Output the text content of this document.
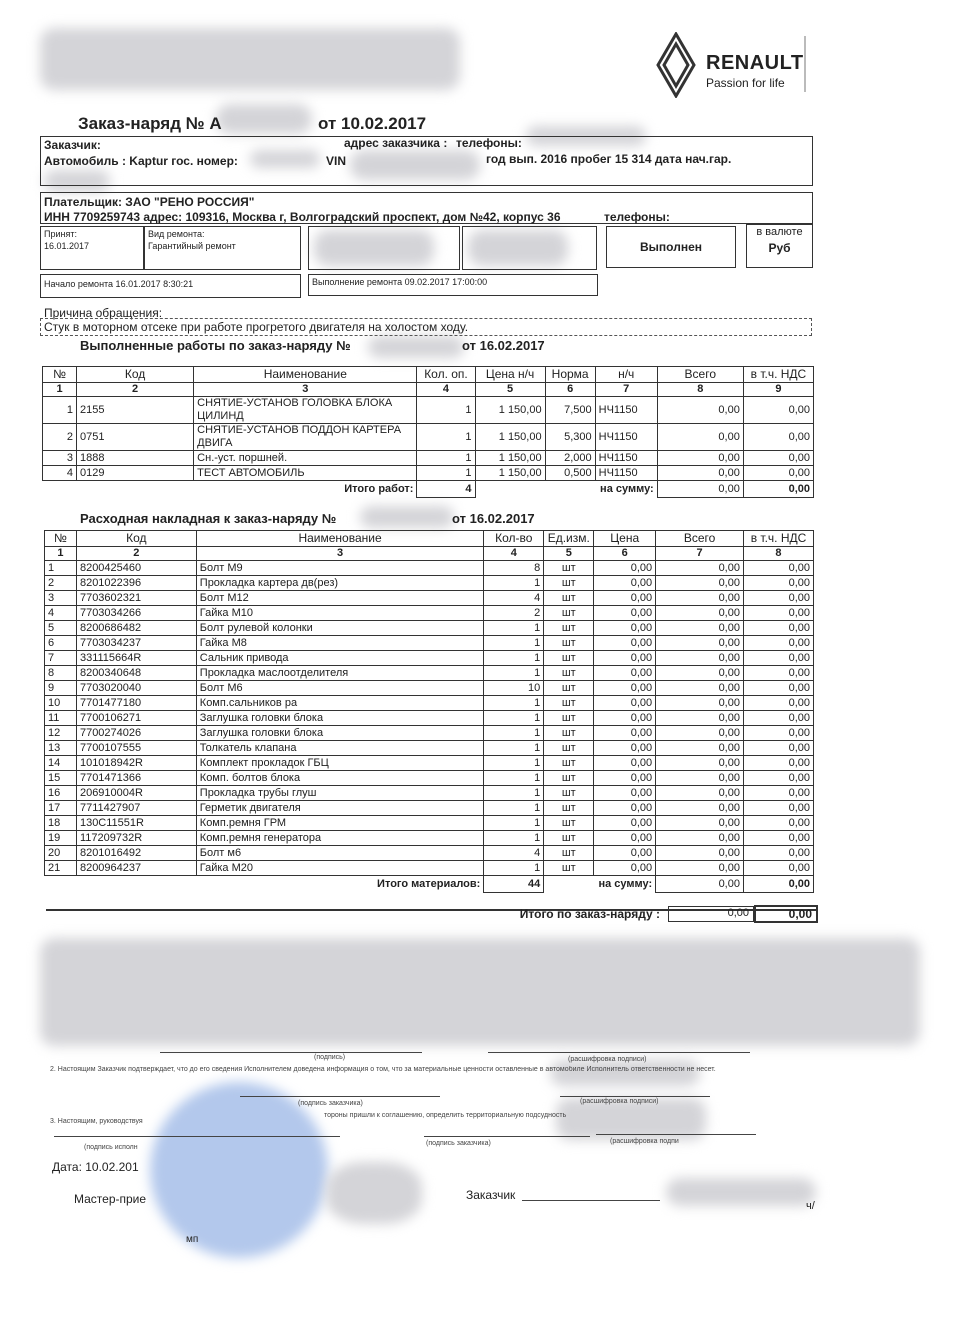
RENAULT
Passion for life
Заказ-наряд № А	от 10.02.2017
Заказчик:	адрес заказчика : телефоны:
Автомобиль : Kaptur гос. номер:	VIN	год вып. 2016 пробег 15 314 дата нач.гар.
Плательщик: ЗАО "РЕНО РОССИЯ"
ИНН 7709259743 адрес: 109316, Москва г, Волгоградский проспект, дом №42, корпус 36	телефоны:
Принят:
16.01.2017
Вид ремонта:
Гарантийный ремонт	Выполнен
в валюте
Руб
Начало ремонта 16.01.2017 8:30:21	Выполнение ремонта 09.02.2017 17:00:00
Причина обращения:
Стук в моторном отсеке при работе прогретого двигателя на холостом ходу.
Выполненные работы по заказ-наряду №	от 16.02.2017
№	Код	Наименование	Кол. оп.	Цена н/ч	Норма	н/ч	Всего	в т.ч. НДС
1	2	3	4	5	6	7	8	9
1	2155	СНЯТИЕ-УСТАНОВ ГОЛОВКА БЛОКА ЦИЛИНД	1	1 150,00	7,500	НЧ1150	0,00	0,00
2	0751	СНЯТИЕ-УСТАНОВ ПОДДОН КАРТЕРА ДВИГА	1	1 150,00	5,300	НЧ1150	0,00	0,00
3	1888	Сн.-уст. поршней.	1	1 150,00	2,000	НЧ1150	0,00	0,00
4	0129	ТЕСТ АВТОМОБИЛЬ	1	1 150,00	0,500	НЧ1150	0,00	0,00
Итого работ:			4	на сумму:			0,00	0,00
Расходная накладная к заказ-наряду №	от 16.02.2017
№	Код	Наименование	Кол-во	Ед.изм.	Цена	Всего	в т.ч. НДС
1	2	3	4	5	6	7	8
1	8200425460	Болт М9	8	шт	0,00	0,00	0,00
2	8201022396	Прокладка картера дв(рез)	1	шт	0,00	0,00	0,00
3	7703602321	Болт М12	4	шт	0,00	0,00	0,00
4	7703034266	Гайка М10	2	шт	0,00	0,00	0,00
5	8200686482	Болт рулевой колонки	1	шт	0,00	0,00	0,00
6	7703034237	Гайка М8	1	шт	0,00	0,00	0,00
7	331115664R	Сальник привода	1	шт	0,00	0,00	0,00
8	8200340648	Прокладка маслоотделителя	1	шт	0,00	0,00	0,00
9	7703020040	Болт М6	10	шт	0,00	0,00	0,00
10	7701477180	Комп.сальников ра	1	шт	0,00	0,00	0,00
11	7700106271	Заглушка головки блока	1	шт	0,00	0,00	0,00
12	7700274026	Заглушка головки блока	1	шт	0,00	0,00	0,00
13	7700107555	Толкатель клапана	1	шт	0,00	0,00	0,00
14	101018942R	Комплект прокладок ГБЦ	1	шт	0,00	0,00	0,00
15	7701471366	Комп. болтов блока	1	шт	0,00	0,00	0,00
16	206910004R	Прокладка трубы глуш	1	шт	0,00	0,00	0,00
17	7711427907	Герметик двигателя	1	шт	0,00	0,00	0,00
18	130C11551R	Комп.ремня ГРМ	1	шт	0,00	0,00	0,00
19	117209732R	Комп.ремня генератора	1	шт	0,00	0,00	0,00
20	8201016492	Болт м6	4	шт	0,00	0,00	0,00
21	8200964237	Гайка М20	1	шт	0,00	0,00	0,00
Итого материалов:			44	на сумму:		0,00	0,00
Итого по заказ-наряду :	0,00	0,00
(подпись)	(расшифровка подписи)
2. Настоящим Заказчик подтверждает, что до его сведения Исполнителем доведена информация о том, что за материальные ценности оставленные в автомобиле Исполнитель ответственности не несет.
(подпись заказчика)	(расшифровка подписи)
3. Настоящим, руководствуя
тороны пришли к соглашению, определить территориальную подсудность
(подпись исполн
(подпись заказчика)	(расшифровка подпи
Дата: 10.02.201
Мастер-прие	Заказчик
ч/
мп
